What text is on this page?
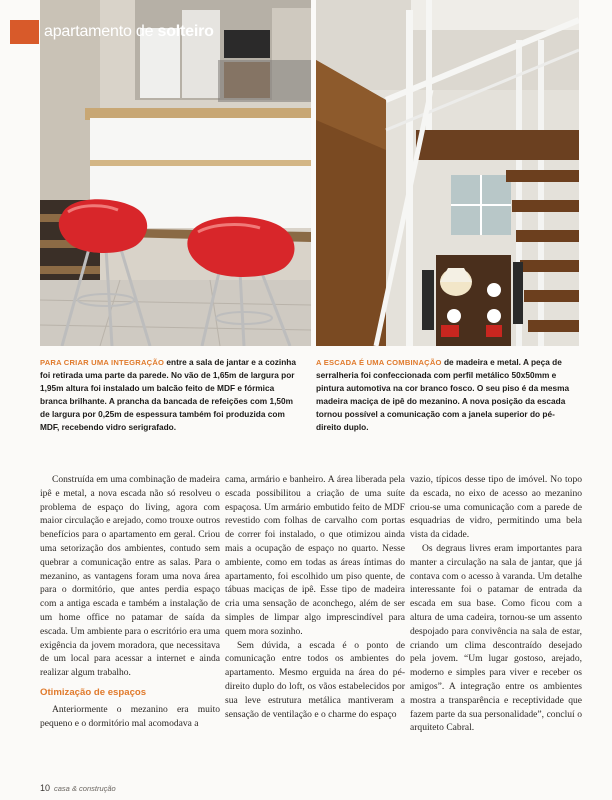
apartamento de solteiro
PARA CRIAR UMA INTEGRAÇÃO entre a sala de jantar e a cozinha foi retirada uma parte da parede. No vão de 1,65m de largura por 1,95m altura foi instalado um balcão feito de MDF e fórmica branca brilhante. A prancha da bancada de refeições com 1,50m de largura por 0,25m de espessura também foi produzida com MDF, recebendo vidro serigrafado.
A ESCADA É UMA COMBINAÇÃO de madeira e metal. A peça de serralheria foi confeccionada com perfil metálico 50x50mm e pintura automotiva na cor branco fosco. O seu piso é da mesma madeira maciça de ipê do mezanino. A nova posição da escada tornou possível a comunicação com a janela superior do pé-direito duplo.

Construída em uma combinação de madeira ipê e metal, a nova escada não só resolveu o problema de espaço do living, agora com maior circulação e arejado, como trouxe outros benefícios para o apartamento em geral. Criou uma setorização dos ambientes, contudo sem quebrar a comunicação entre as salas. Para o mezanino, as vantagens foram uma nova área para o dormitório, que antes perdia espaço com a antiga escada e também a instalação de um home office no patamar de saída da escada. Um ambiente para o escritório era uma exigência da jovem moradora, que necessitava de um local para acessar a internet e ainda realizar algum trabalho.

Otimização de espaços

Anteriormente o mezanino era muito pequeno e o dormitório mal acomodava a

cama, armário e banheiro. A área liberada pela escada possibilitou a criação de uma suíte espaçosa. Um armário embutido feito de MDF revestido com folhas de carvalho com portas de correr foi instalado, o que otimizou ainda mais a ocupação de espaço no quarto. Nesse ambiente, como em todas as áreas íntimas do apartamento, foi escolhido um piso quente, de tábuas maciças de ipê. Esse tipo de madeira cria uma sensação de aconchego, além de ser simples de limpar algo imprescindível para quem mora sozinho.

Sem dúvida, a escada é o ponto de comunicação entre todos os ambientes do apartamento. Mesmo erguida na área do pé-direito duplo do loft, os vãos estabelecidos por sua leve estrutura metálica mantiveram a sensação de ventilação e o charme do espaço

vazio, típicos desse tipo de imóvel. No topo da escada, no eixo de acesso ao mezanino criou-se uma comunicação com a parede de esquadrias de vidro, permitindo uma bela vista da cidade.

Os degraus livres eram importantes para manter a circulação na sala de jantar, que já contava com o acesso à varanda. Um detalhe interessante foi o patamar de entrada da escada em sua base. Como ficou com a altura de uma cadeira, tornou-se um assento despojado para convivência na sala de estar, criando um clima descontraído desejado pela jovem. “Um lugar gostoso, arejado, moderno e simples para viver e receber os amigos”. A integração entre os ambientes mostra a transparência e receptividade que fazem parte da sua personalidade”, concluí o arquiteto Cabral.

10 casa & construção
